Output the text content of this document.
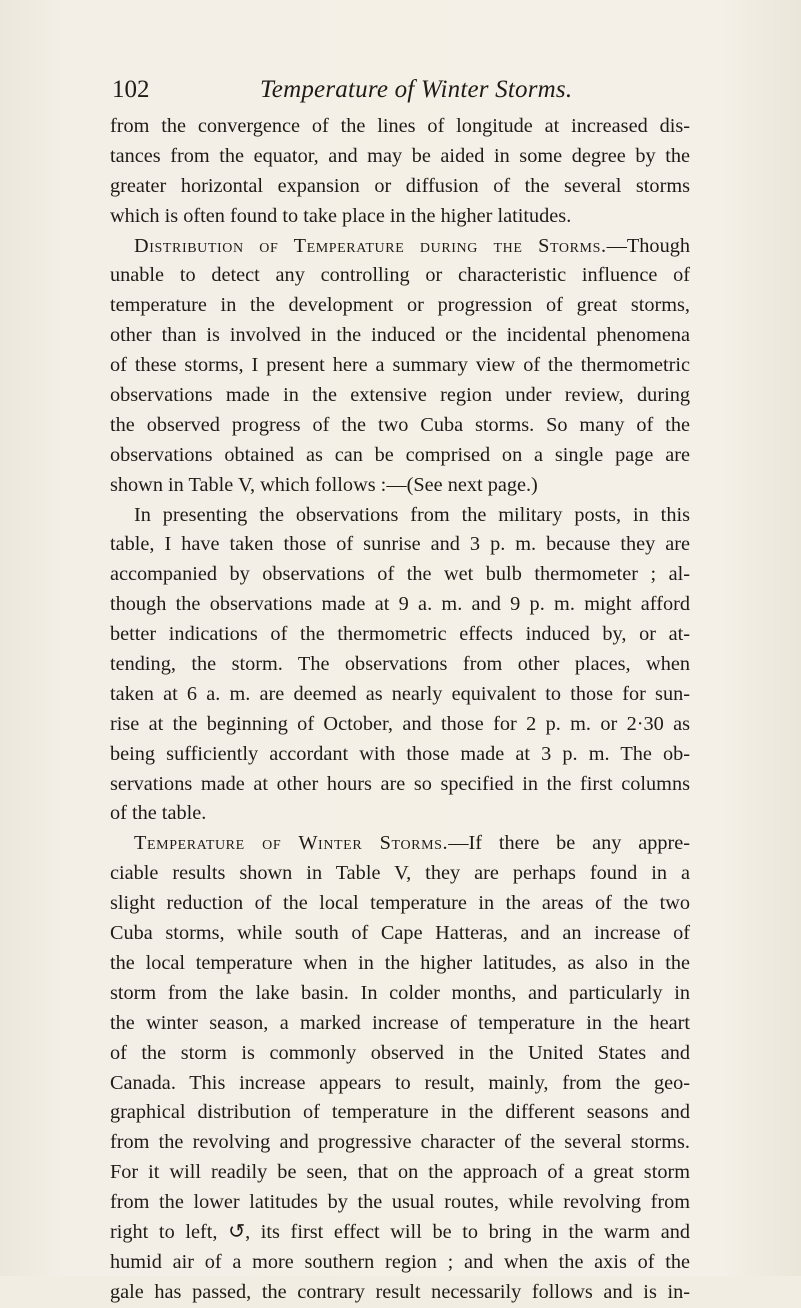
102	Temperature of Winter Storms.
from the convergence of the lines of longitude at increased dis-
tances from the equator, and may be aided in some degree by the
greater horizontal expansion or diffusion of the several storms
which is often found to take place in the higher latitudes.
Distribution of Temperature during the Storms.—Though
unable to detect any controlling or characteristic influence of
temperature in the development or progression of great storms,
other than is involved in the induced or the incidental phenomena
of these storms, I present here a summary view of the thermometric
observations made in the extensive region under review, during
the observed progress of the two Cuba storms. So many of the
observations obtained as can be comprised on a single page are
shown in Table V, which follows :—(See next page.)
In presenting the observations from the military posts, in this
table, I have taken those of sunrise and 3 p. m. because they are
accompanied by observations of the wet bulb thermometer ; al-
though the observations made at 9 a. m. and 9 p. m. might afford
better indications of the thermometric effects induced by, or at-
tending, the storm. The observations from other places, when
taken at 6 a. m. are deemed as nearly equivalent to those for sun-
rise at the beginning of October, and those for 2 p. m. or 2·30 as
being sufficiently accordant with those made at 3 p. m. The ob-
servations made at other hours are so specified in the first columns
of the table.
Temperature of Winter Storms.—If there be any appre-
ciable results shown in Table V, they are perhaps found in a
slight reduction of the local temperature in the areas of the two
Cuba storms, while south of Cape Hatteras, and an increase of
the local temperature when in the higher latitudes, as also in the
storm from the lake basin. In colder months, and particularly in
the winter season, a marked increase of temperature in the heart
of the storm is commonly observed in the United States and
Canada. This increase appears to result, mainly, from the geo-
graphical distribution of temperature in the different seasons and
from the revolving and progressive character of the several storms.
For it will readily be seen, that on the approach of a great storm
from the lower latitudes by the usual routes, while revolving from
right to left, ↺, its first effect will be to bring in the warm and
humid air of a more southern region ; and when the axis of the
gale has passed, the contrary result necessarily follows and is in-
